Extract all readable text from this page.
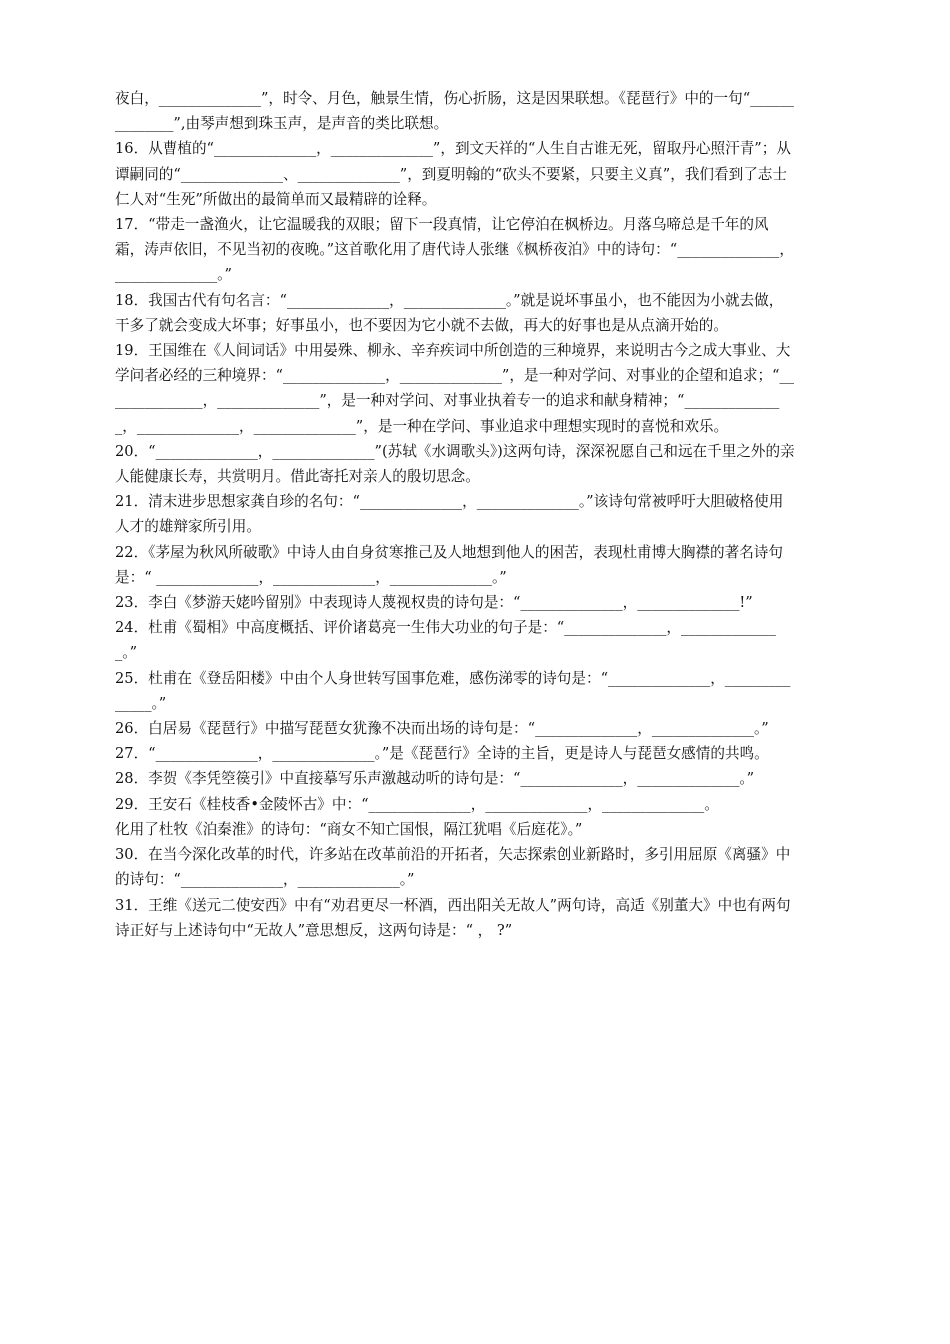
夜白，______________”，时令、月色，触景生情，伤心折肠，这是因果联想。《琵琶行》中的一句“______________”,由琴声想到珠玉声，是声音的类比联想。

16．从曹植的“______________，______________”，到文天祥的“人生自古谁无死，留取丹心照汗青”；从谭嗣同的“______________、______________”，到夏明翰的“砍头不要紧，只要主义真”，我们看到了志士仁人对“生死”所做出的最简单而又最精辟的诠释。

17．“带走一盏渔火，让它温暖我的双眼；留下一段真情，让它停泊在枫桥边。月落乌啼总是千年的风霜，涛声依旧，不见当初的夜晚。”这首歌化用了唐代诗人张继《枫桥夜泊》中的诗句：“______________，______________。”

18．我国古代有句名言：“______________，______________。”就是说坏事虽小，也不能因为小就去做，干多了就会变成大坏事；好事虽小，也不要因为它小就不去做，再大的好事也是从点滴开始的。

19．王国维在《人间词话》中用晏殊、柳永、辛弃疾词中所创造的三种境界，来说明古今之成大事业、大学问者必经的三种境界：“______________，______________”，是一种对学问、对事业的企望和追求；“______________，______________”，是一种对学问、对事业执着专一的追求和献身精神；“______________，______________，______________”，是一种在学问、事业追求中理想实现时的喜悦和欢乐。

20．“______________，______________”(苏轼《水调歌头》)这两句诗，深深祝愿自己和远在千里之外的亲人能健康长寿，共赏明月。借此寄托对亲人的殷切思念。

21．清末进步思想家龚自珍的名句：“______________，______________。”该诗句常被呼吁大胆破格使用人才的雄辩家所引用。

22．《茅屋为秋风所破歌》中诗人由自身贫寒推己及人地想到他人的困苦，表现杜甫博大胸襟的著名诗句是：“ ______________，______________，______________。”

23．李白《梦游天姥吟留别》中表现诗人蔑视权贵的诗句是：“______________，______________!”

24．杜甫《蜀相》中高度概括、评价诸葛亮一生伟大功业的句子是：“______________，______________。”

25．杜甫在《登岳阳楼》中由个人身世转写国事危难，感伤涕零的诗句是：“______________，______________。”

26．白居易《琵琶行》中描写琵琶女犹豫不决而出场的诗句是：“______________，______________。”

27．“______________，______________。”是《琵琶行》全诗的主旨，更是诗人与琵琶女感情的共鸣。

28．李贺《李凭箜篌引》中直接摹写乐声激越动听的诗句是：“______________，______________。”

29．王安石《桂枝香•金陵怀古》中：“______________，______________，______________。

化用了杜牧《泊秦淮》的诗句：“商女不知亡国恨，隔江犹唱《后庭花》。”

30．在当今深化改革的时代，许多站在改革前沿的开拓者，矢志探索创业新路时，多引用屈原《离骚》中的诗句：“______________，______________。”

31．王维《送元二使安西》中有“劝君更尽一杯酒，西出阳关无故人”两句诗，高适《别董大》中也有两句诗正好与上述诗句中“无故人”意思想反，这两句诗是：“ ， ?”
